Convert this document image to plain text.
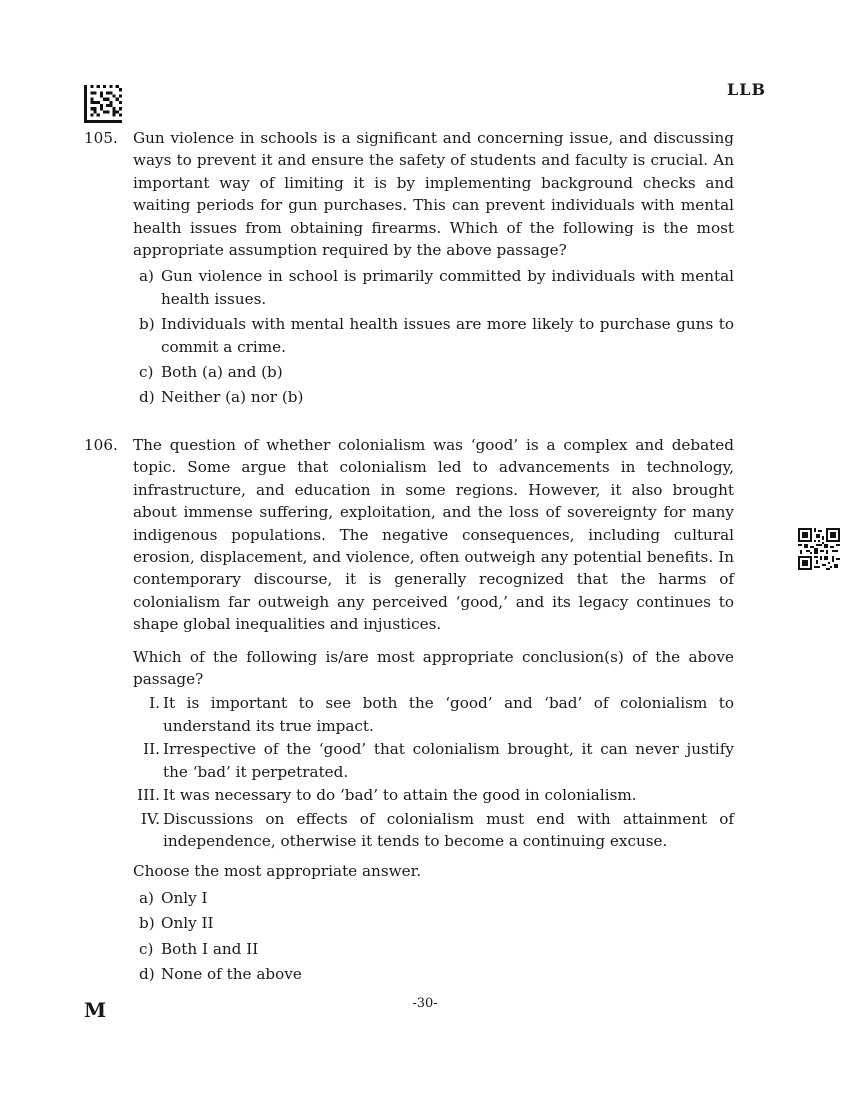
LLB
105. Gun violence in schools is a significant and concerning issue, and discussing ways to prevent it and ensure the safety of students and faculty is crucial. An important way of limiting it is by implementing background checks and waiting periods for gun purchases. This can prevent individuals with mental health issues from obtaining firearms. Which of the following is the most appropriate assumption required by the above passage?

a) Gun violence in school is primarily committed by individuals with mental health issues.
b) Individuals with mental health issues are more likely to purchase guns to commit a crime.
c) Both (a) and (b)
d) Neither (a) nor (b)
106. The question of whether colonialism was ‘good’ is a complex and debated topic. Some argue that colonialism led to advancements in technology, infrastructure, and education in some regions. However, it also brought about immense suffering, exploitation, and the loss of sovereignty for many indigenous populations. The negative consequences, including cultural erosion, displacement, and violence, often outweigh any potential benefits. In contemporary discourse, it is generally recognized that the harms of colonialism far outweigh any perceived ‘good,’ and its legacy continues to shape global inequalities and injustices.

Which of the following is/are most appropriate conclusion(s) of the above passage?

I. It is important to see both the ‘good’ and ‘bad’ of colonialism to understand its true impact.
II. Irrespective of the ‘good’ that colonialism brought, it can never justify the ‘bad’ it perpetrated.
III. It was necessary to do ‘bad’ to attain the good in colonialism.
IV. Discussions on effects of colonialism must end with attainment of independence, otherwise it tends to become a continuing excuse.

Choose the most appropriate answer.

a) Only I
b) Only II
c) Both I and II
d) None of the above
M	-30-
